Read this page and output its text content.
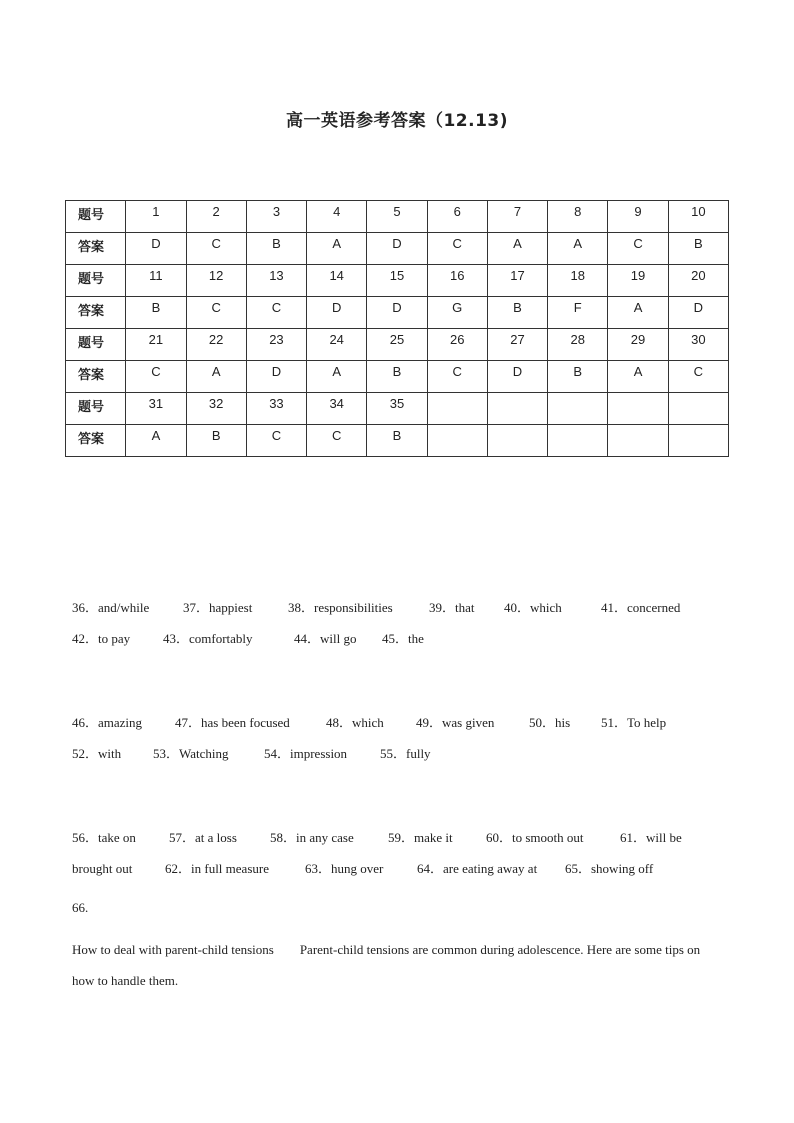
高一英语参考答案（12.13)
题号	1	2	3	4	5	6	7	8	9	10
答案	D	C	B	A	D	C	A	A	C	B
题号	11	12	13	14	15	16	17	18	19	20
答案	B	C	C	D	D	G	B	F	A	D
题号	21	22	23	24	25	26	27	28	29	30
答案	C	A	D	A	B	C	D	B	A	C
题号	31	32	33	34	35					
答案	A	B	C	C	B					
36．and/while	37．happiest	38．responsibilities	39．that 40．which	41．concerned
42．to pay	43．comfortably	44．will go 45．the
46．amazing	47．has been focused	48．which 49．was given	50．his 51．To help
52．with 53．Watching	54．impression	55．fully
56．take on	57．at a loss	58．in any case	59．make it	60．to smooth out	61．will be
brought out	62．in full measure	63．hung over	64．are eating away at 65．showing off
66.
How to deal with parent-child tensions        Parent-child tensions are common during adolescence. Here are some tips on how to handle them.
